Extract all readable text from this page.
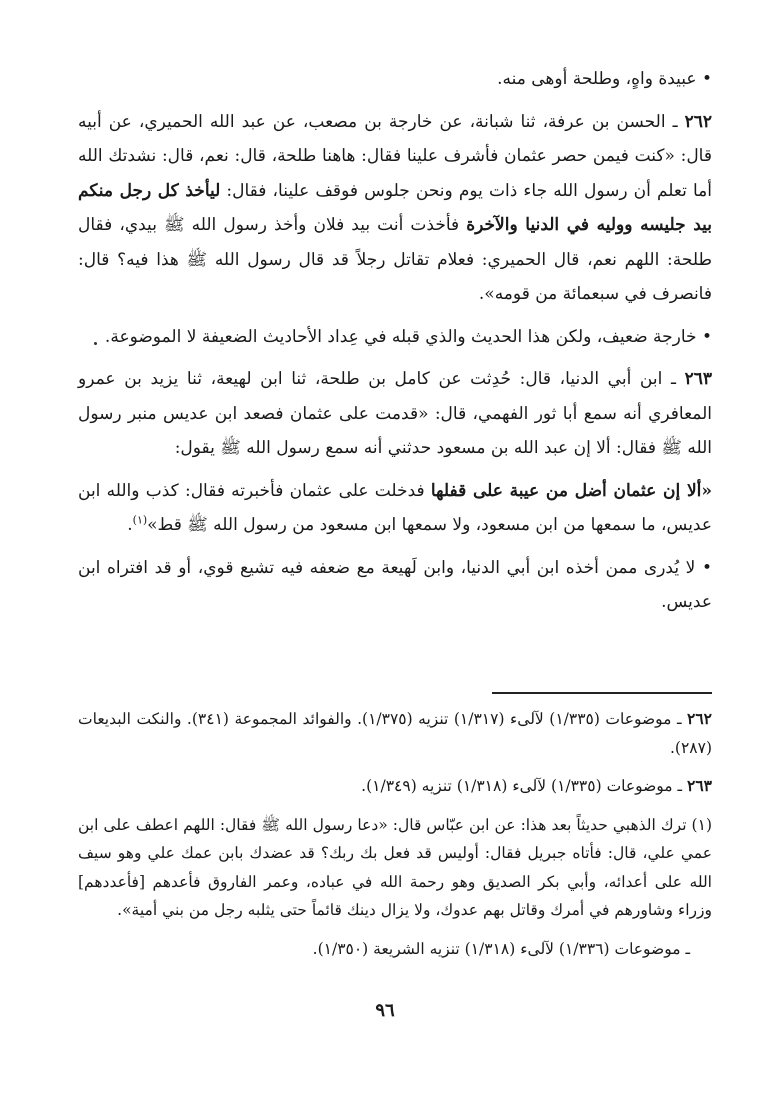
• عبيدة واهٍ، وطلحة أوهى منه.

٢٦٢ ـ الحسن بن عرفة، ثنا شبانة، عن خارجة بن مصعب، عن عبد الله الحميري، عن أبيه قال: «كنت فيمن حصر عثمان فأشرف علينا فقال: هاهنا طلحة، قال: نعم، قال: نشدتك الله أما تعلم أن رسول الله جاء ذات يوم ونحن جلوس فوقف علينا، فقال: ليأخذ كل رجل منكم بيد جليسه ووليه في الدنيا والآخرة فأخذت أنت بيد فلان وأخذ رسول الله ﷺ بيدي، فقال طلحة: اللهم نعم، قال الحميري: فعلام تقاتل رجلاً قد قال رسول الله ﷺ هذا فيه؟ قال: فانصرف في سبعمائة من قومه».

• خارجة ضعيف، ولكن هذا الحديث والذي قبله في عِداد الأحاديث الضعيفة لا الموضوعة.

٢٦٣ ـ ابن أبي الدنيا، قال: حُدِثت عن كامل بن طلحة، ثنا ابن لهيعة، ثنا يزيد بن عمرو المعافري أنه سمع أبا ثور الفهمي، قال: «قدمت على عثمان فصعد ابن عديس منبر رسول الله ﷺ فقال: ألا إن عبد الله بن مسعود حدثني أنه سمع رسول الله ﷺ يقول:

«ألا إن عثمان أضل من عيبة على قفلها فدخلت على عثمان فأخبرته فقال: كذب والله ابن عديس، ما سمعها من ابن مسعود، ولا سمعها ابن مسعود من رسول الله ﷺ قط»$^{(١)}$.

• لا يُدرى ممن أخذه ابن أبي الدنيا، وابن لَهيعة مع ضعفه فيه تشيع قوي، أو قد افتراه ابن عديس.

٢٦٢ ـ موضوعات (١/٣٣٥) لآلىء (١/٣١٧) تنزيه (١/٣٧٥). والفوائد المجموعة (٣٤١). والنكت البديعات (٢٨٧).

٢٦٣ ـ موضوعات (١/٣٣٥) لآلىء (١/٣١٨) تنزيه (١/٣٤٩).

(١) ترك الذهبي حديثاً بعد هذا: عن ابن عبّاس قال: «دعا رسول الله ﷺ فقال: اللهم اعطف على ابن عمي علي، قال: فأتاه جبريل فقال: أوليس قد فعل بك ربك؟ قد عضدك بابن عمك علي وهو سيف الله على أعدائه، وأبي بكر الصديق وهو رحمة الله في عباده، وعمر الفاروق فأعدهم [فأعددهم] وزراء وشاورهم في أمرك وقاتل بهم عدوك، ولا يزال دينك قائماً حتى يثلبه رجل من بني أمية».

ـ موضوعات (١/٣٣٦) لآلىء (١/٣١٨) تنزيه الشريعة (١/٣٥٠).

٩٦
